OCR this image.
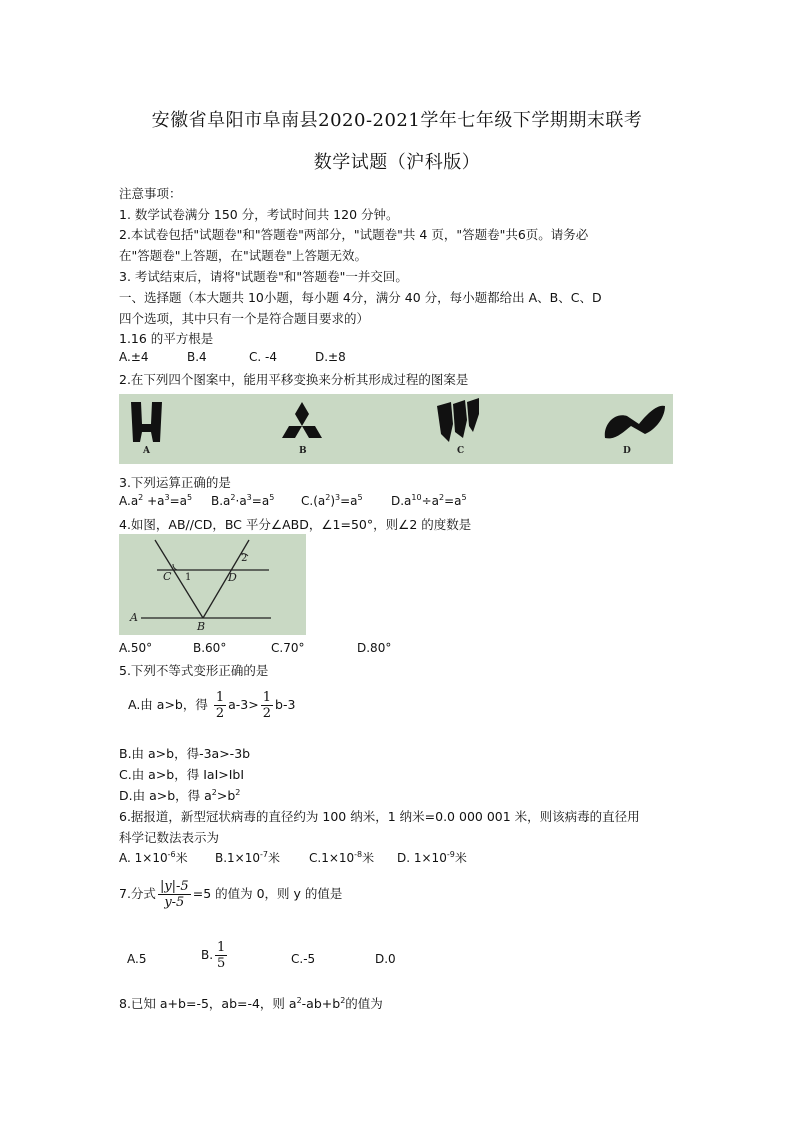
安徽省阜阳市阜南县2020-2021学年七年级下学期期末联考
数学试题（沪科版）
注意事项：
1. 数学试卷满分 150 分，考试时间共 120 分钟。
2.本试卷包括"试题卷"和"答题卷"两部分，"试题卷"共 4 页，"答题卷"共6页。请务必
在"答题卷"上答题，在"试题卷"上答题无效。
3. 考试结束后，请将"试题卷"和"答题卷"一并交回。
一、选择题（本大题共 10小题，每小题 4分，满分 40 分，每小题都给出 A、B、C、D
四个选项，其中只有一个是符合题目要求的）
1.16 的平方根是
A.±4	B.4	C. -4	D.±8
2.在下列四个图案中，能用平移变换来分析其形成过程的图案是
A	B	C	D
3.下列运算正确的是
$A.a^2 +a^3=a^5$ $B.a^2\cdot a^3=a^5$ $C.(a^2)^3=a^5$ $D.a^{10}\div a^2=a^5$
4.如图，AB//CD，BC 平分∠ABD，∠1=50°，则∠2 的度数是
C 1	D
2
A
B
A.50°	B.60°	C.70°	D.80°
5.下列不等式变形正确的是
A.由 a>b，得 $\frac{1}{2} a-3> \frac{1}{2} b-3$
B.由 a>b，得-3a>-3b
C.由 a>b，得 IaI>IbI
D.由 a>b，得 $a^2>b^2$
6.据报道，新型冠状病毒的直径约为 100 纳米，1 纳米=0.0 000 001 米，则该病毒的直径用
科学记数法表示为
A. $1\times 10^{-6}$米 $B.1\times 10^{-7}$米 $C.1\times 10^{-8}$米 D. $1\times 10^{-9}$米
7.分式 $\frac{|y|-5}{y-5} =5$ 的值为 0，则 y 的值是
A.5	B. $\frac{1}{5}$	C.-5	D.0
8.已知 a+b=-5，ab=-4，则 $a^2-ab+b^2$的值为
